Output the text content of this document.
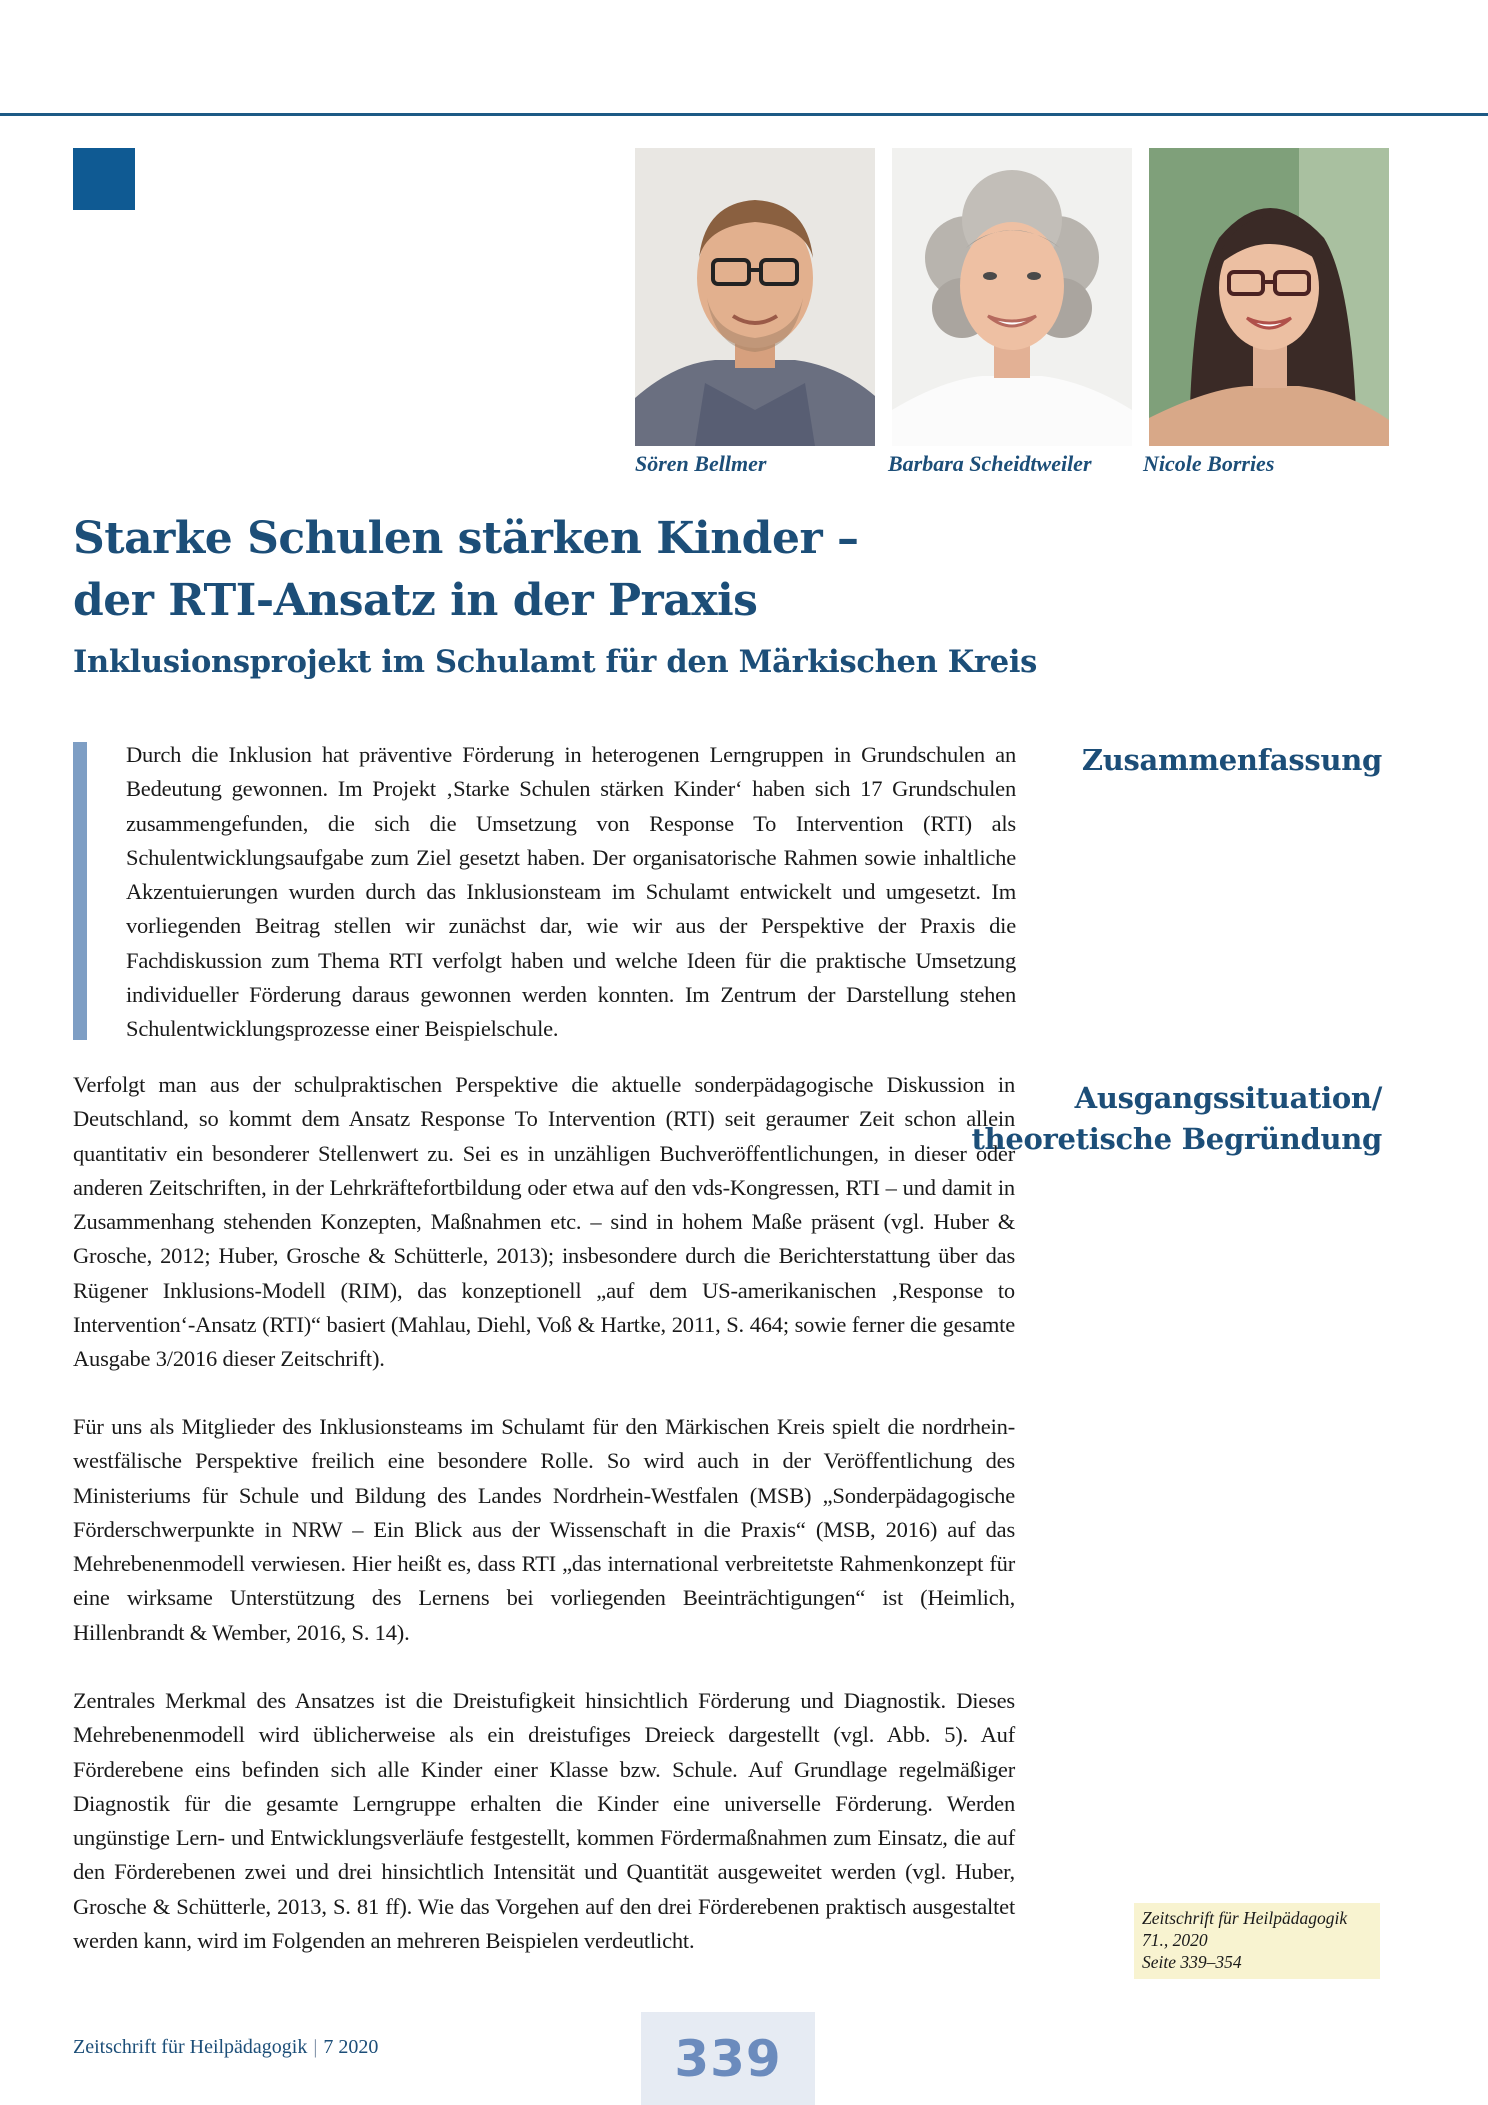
Sören Bellmer	Barbara Scheidtweiler Nicole Borries
Starke Schulen stärken Kinder –
der RTI-Ansatz in der Praxis
Inklusionsprojekt im Schulamt für den Märkischen Kreis

Durch die Inklusion hat präventive Förderung in heterogenen Lerngruppen in Grundschulen an Bedeutung gewonnen. Im Projekt ‚Starke Schulen stärken Kinder‘ haben sich 17 Grundschulen zusammengefunden, die sich die Umsetzung von Response To Intervention (RTI) als Schulentwicklungsaufgabe zum Ziel gesetzt haben. Der organisatorische Rahmen sowie inhaltliche Akzentuierungen wurden durch das Inklusionsteam im Schulamt entwickelt und umgesetzt. Im vorliegenden Beitrag stellen wir zunächst dar, wie wir aus der Perspektive der Praxis die Fachdiskussion zum Thema RTI verfolgt haben und welche Ideen für die praktische Umsetzung individueller Förderung daraus gewonnen werden konnten. Im Zentrum der Darstellung stehen Schulentwicklungsprozesse einer Beispielschule.

Zusammenfassung
Ausgangssituation/
theoretische Begründung

Verfolgt man aus der schulpraktischen Perspektive die aktuelle sonderpädagogische Diskussion in Deutschland, so kommt dem Ansatz Response To Intervention (RTI) seit geraumer Zeit schon allein quantitativ ein besonderer Stellenwert zu. Sei es in unzähligen Buchveröffentlichungen, in dieser oder anderen Zeitschriften, in der Lehrkräftefortbildung oder etwa auf den vds-Kongressen, RTI – und damit in Zusammenhang stehenden Konzepten, Maßnahmen etc. – sind in hohem Maße präsent (vgl. Huber & Grosche, 2012; Huber, Grosche & Schütterle, 2013); insbesondere durch die Berichterstattung über das Rügener Inklusions-Modell (RIM), das konzeptionell „auf dem US-amerikanischen ‚Response to Intervention‘-Ansatz (RTI)“ basiert (Mahlau, Diehl, Voß & Hartke, 2011, S. 464; sowie ferner die gesamte Ausgabe 3/2016 dieser Zeitschrift).

Für uns als Mitglieder des Inklusionsteams im Schulamt für den Märkischen Kreis spielt die nordrhein-westfälische Perspektive freilich eine besondere Rolle. So wird auch in der Veröffentlichung des Ministeriums für Schule und Bildung des Landes Nordrhein-Westfalen (MSB) „Sonderpädagogische Förderschwerpunkte in NRW – Ein Blick aus der Wissenschaft in die Praxis“ (MSB, 2016) auf das Mehrebenenmodell verwiesen. Hier heißt es, dass RTI „das international verbreitetste Rahmenkonzept für eine wirksame Unterstützung des Lernens bei vorliegenden Beeinträchtigungen“ ist (Heimlich, Hillenbrandt & Wember, 2016, S. 14).

Zentrales Merkmal des Ansatzes ist die Dreistufigkeit hinsichtlich Förderung und Diagnostik. Dieses Mehrebenenmodell wird üblicherweise als ein dreistufiges Dreieck dargestellt (vgl. Abb. 5). Auf Förderebene eins befinden sich alle Kinder einer Klasse bzw. Schule. Auf Grundlage regelmäßiger Diagnostik für die gesamte Lerngruppe erhalten die Kinder eine universelle Förderung. Werden ungünstige Lern- und Entwicklungsverläufe festgestellt, kommen Fördermaßnahmen zum Einsatz, die auf den Förderebenen zwei und drei hinsichtlich Intensität und Quantität ausgeweitet werden (vgl. Huber, Grosche & Schütterle, 2013, S. 81 ff). Wie das Vorgehen auf den drei Förderebenen praktisch ausgestaltet werden kann, wird im Folgenden an mehreren Beispielen verdeutlicht.

Zeitschrift für Heilpädagogik
71., 2020
Seite 339–354
Zeitschrift für Heilpädagogik | 7 2020	339
